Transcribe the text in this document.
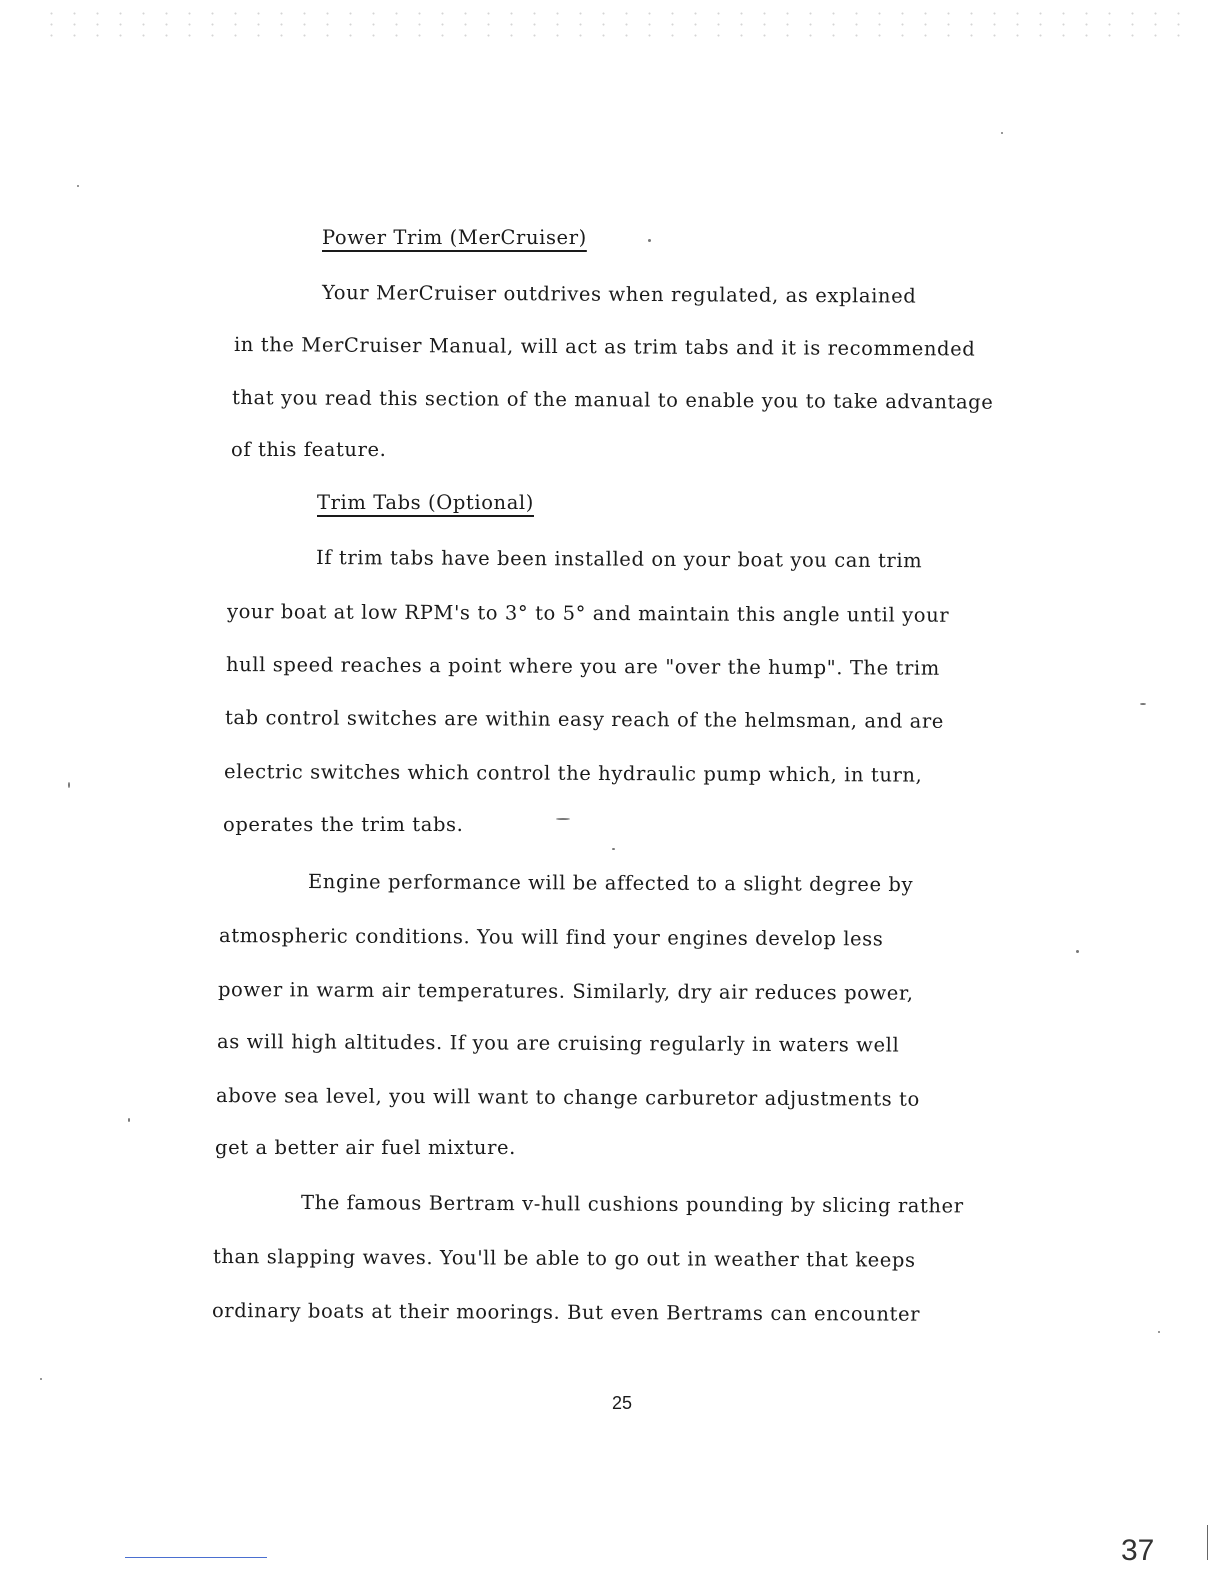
Power Trim (MerCruiser)
Your MerCruiser outdrives when regulated, as explained
in the MerCruiser Manual, will act as trim tabs and it is recommended
that you read this section of the manual to enable you to take advantage
of this feature.
Trim Tabs (Optional)
If trim tabs have been installed on your boat you can trim
your boat at low RPM's to 3° to 5° and maintain this angle until your
hull speed reaches a point where you are "over the hump". The trim
tab control switches are within easy reach of the helmsman, and are
electric switches which control the hydraulic pump which, in turn,
operates the trim tabs.
Engine performance will be affected to a slight degree by
atmospheric conditions. You will find your engines develop less
power in warm air temperatures. Similarly, dry air reduces power,
as will high altitudes. If you are cruising regularly in waters well
above sea level, you will want to change carburetor adjustments to
get a better air fuel mixture.
The famous Bertram v-hull cushions pounding by slicing rather
than slapping waves. You'll be able to go out in weather that keeps
ordinary boats at their moorings. But even Bertrams can encounter
25
37
